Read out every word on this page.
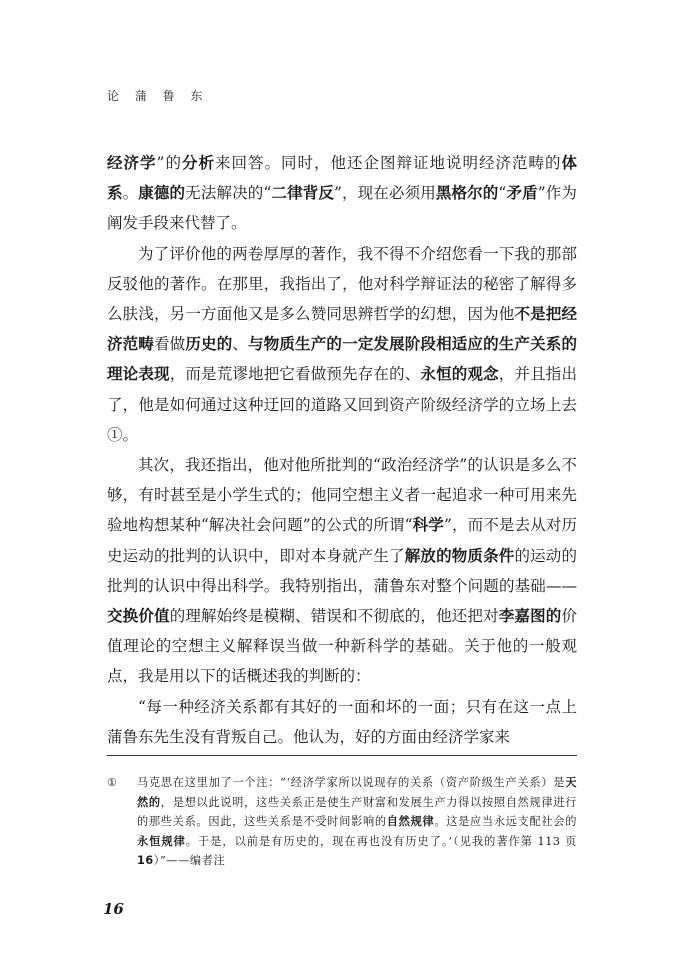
论 蒲 鲁 东

经济学”的分析来回答。同时，他还企图辩证地说明经济范畴的体系。康德的无法解决的“二律背反”，现在必须用黑格尔的“矛盾”作为阐发手段来代替了。

为了评价他的两卷厚厚的著作，我不得不介绍您看一下我的那部反驳他的著作。在那里，我指出了，他对科学辩证法的秘密了解得多么肤浅，另一方面他又是多么赞同思辨哲学的幻想，因为他不是把经济范畴看做历史的、与物质生产的一定发展阶段相适应的生产关系的理论表现，而是荒谬地把它看做预先存在的、永恒的观念，并且指出了，他是如何通过这种迂回的道路又回到资产阶级经济学的立场上去①。

其次，我还指出，他对他所批判的“政治经济学”的认识是多么不够，有时甚至是小学生式的；他同空想主义者一起追求一种可用来先验地构想某种“解决社会问题”的公式的所谓“科学”，而不是去从对历史运动的批判的认识中，即对本身就产生了解放的物质条件的运动的批判的认识中得出科学。我特别指出，蒲鲁东对整个问题的基础——交换价值的理解始终是模糊、错误和不彻底的，他还把对李嘉图的价值理论的空想主义解释误当做一种新科学的基础。关于他的一般观点，我是用以下的话概述我的判断的：

“每一种经济关系都有其好的一面和坏的一面；只有在这一点上蒲鲁东先生没有背叛自己。他认为，好的方面由经济学家来

①	马克思在这里加了一个注：“‘经济学家所以说现存的关系（资产阶级生产关系）是天然的，是想以此说明，这些关系正是使生产财富和发展生产力得以按照自然规律进行的那些关系。因此，这些关系是不受时间影响的自然规律。这是应当永远支配社会的永恒规律。于是，以前是有历史的，现在再也没有历史了。’（见我的著作第 113 页16）”——编者注
16
